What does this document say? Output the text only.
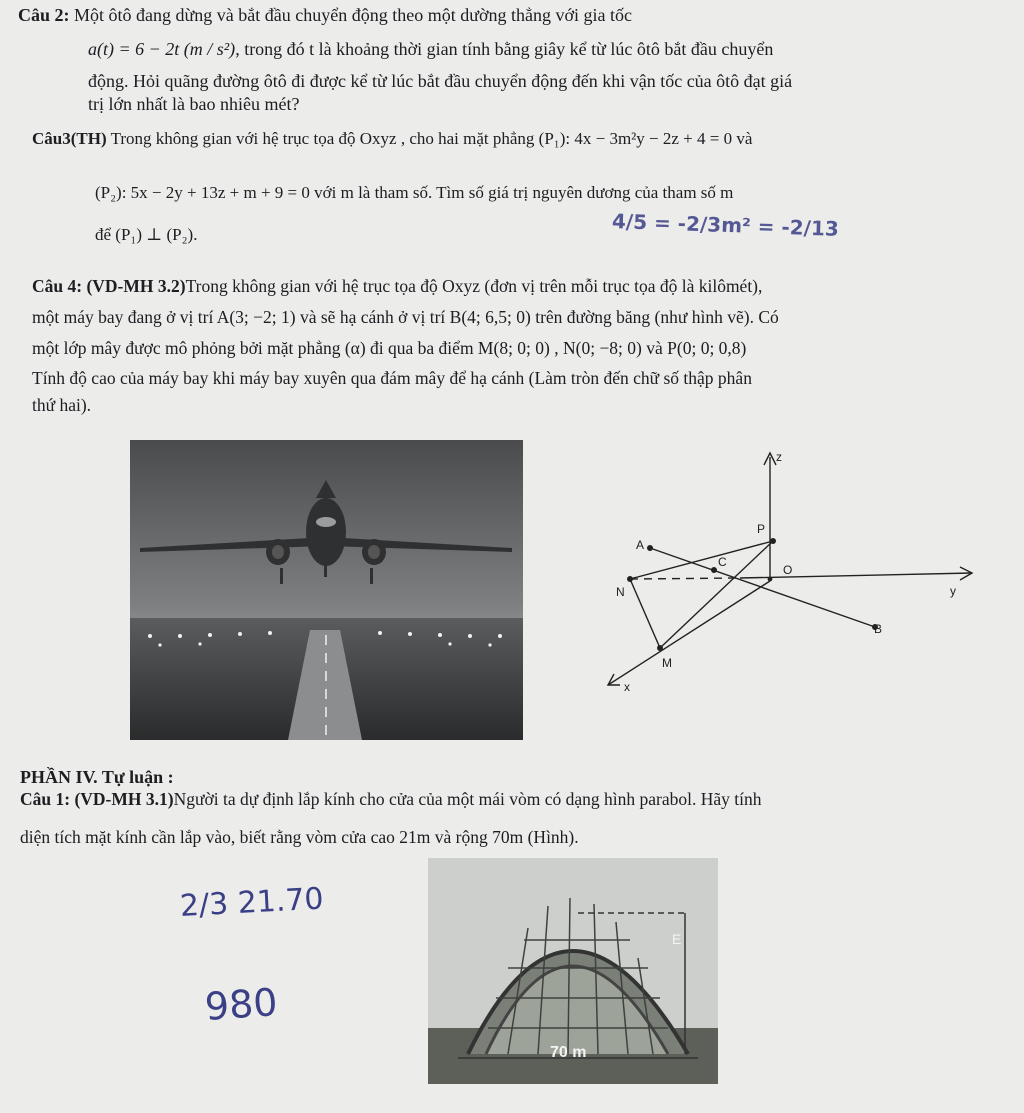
Câu 2: Một ôtô đang dừng và bắt đầu chuyển động theo một dường thẳng với gia tốc
a(t) = 6 − 2t (m / s²), trong đó t là khoảng thời gian tính bằng giây kể từ lúc ôtô bắt đầu chuyển
động. Hỏi quãng đường ôtô đi được kể từ lúc bắt đầu chuyển động đến khi vận tốc của ôtô đạt giá
trị lớn nhất là bao nhiêu mét?
Câu3(TH) Trong không gian với hệ trục tọa độ Oxyz , cho hai mặt phẳng (P₁): 4x − 3m²y − 2z + 4 = 0 và
(P₂): 5x − 2y + 13z + m + 9 = 0 với m là tham số. Tìm số giá trị nguyên dương của tham số m
để (P₁) ⊥ (P₂).	4/5 = -2/3m² = -2/13
Câu 4: (VD-MH 3.2)Trong không gian với hệ trục tọa độ Oxyz (đơn vị trên mỗi trục tọa độ là kilômét),
một máy bay đang ở vị trí A(3; −2; 1) và sẽ hạ cánh ở vị trí B(4; 6,5; 0) trên đường băng (như hình vẽ). Có
một lớp mây được mô phỏng bởi mặt phẳng (α) đi qua ba điểm M(8; 0; 0) , N(0; −8; 0) và P(0; 0; 0,8)
Tính độ cao của máy bay khi máy bay xuyên qua đám mây để hạ cánh (Làm tròn đến chữ số thập phân
thứ hai).
z
P
A
C
O
N	y
B
M
x
PHẦN IV. Tự luận :
Câu 1: (VD-MH 3.1)Người ta dự định lắp kính cho cửa của một mái vòm có dạng hình parabol. Hãy tính
diện tích mặt kính cần lắp vào, biết rằng vòm cửa cao 21m và rộng 70m (Hình).
2/3 21.70
980
E
70 m
